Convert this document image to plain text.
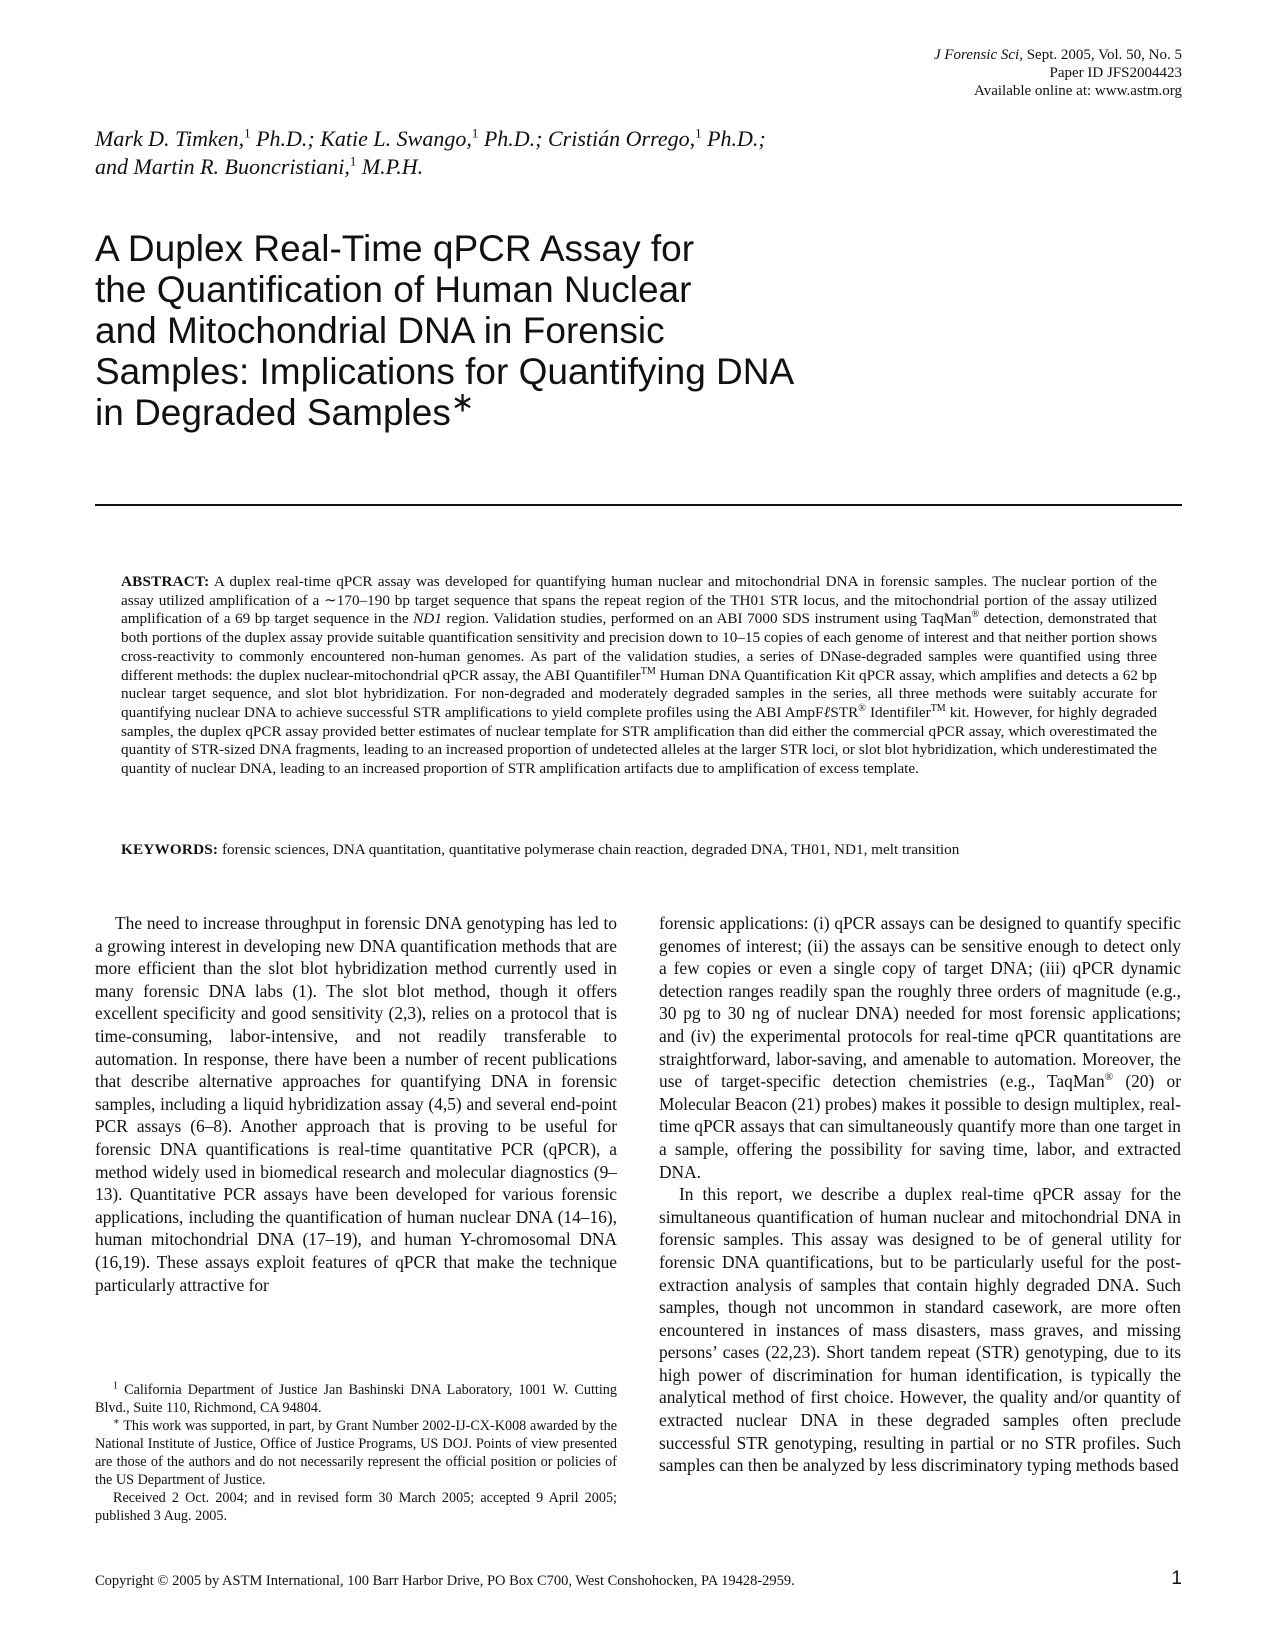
J Forensic Sci, Sept. 2005, Vol. 50, No. 5
Paper ID JFS2004423
Available online at: www.astm.org
Mark D. Timken,$^1$ Ph.D.; Katie L. Swango,$^1$ Ph.D.; Cristián Orrego,$^1$ Ph.D.;
and Martin R. Buoncristiani,$^1$ M.P.H.
A Duplex Real-Time qPCR Assay for
the Quantification of Human Nuclear
and Mitochondrial DNA in Forensic
Samples: Implications for Quantifying DNA
in Degraded Samples∗

ABSTRACT: A duplex real-time qPCR assay was developed for quantifying human nuclear and mitochondrial DNA in forensic samples. The nuclear portion of the assay utilized amplification of a ∼170–190 bp target sequence that spans the repeat region of the TH01 STR locus, and the mitochondrial portion of the assay utilized amplification of a 69 bp target sequence in the ND1 region. Validation studies, performed on an ABI 7000 SDS instrument using TaqMan® detection, demonstrated that both portions of the duplex assay provide suitable quantification sensitivity and precision down to 10–15 copies of each genome of interest and that neither portion shows cross-reactivity to commonly encountered non-human genomes. As part of the validation studies, a series of DNase-degraded samples were quantified using three different methods: the duplex nuclear-mitochondrial qPCR assay, the ABI Quantifiler™ Human DNA Quantification Kit qPCR assay, which amplifies and detects a 62 bp nuclear target sequence, and slot blot hybridization. For non-degraded and moderately degraded samples in the series, all three methods were suitably accurate for quantifying nuclear DNA to achieve successful STR amplifications to yield complete profiles using the ABI AmpFℓSTR® Identifiler™ kit. However, for highly degraded samples, the duplex qPCR assay provided better estimates of nuclear template for STR amplification than did either the commercial qPCR assay, which overestimated the quantity of STR-sized DNA fragments, leading to an increased proportion of undetected alleles at the larger STR loci, or slot blot hybridization, which underestimated the quantity of nuclear DNA, leading to an increased proportion of STR amplification artifacts due to amplification of excess template.

KEYWORDS: forensic sciences, DNA quantitation, quantitative polymerase chain reaction, degraded DNA, TH01, ND1, melt transition

The need to increase throughput in forensic DNA genotyping has led to a growing interest in developing new DNA quantification methods that are more efficient than the slot blot hybridization method currently used in many forensic DNA labs (1). The slot blot method, though it offers excellent specificity and good sensitivity (2,3), relies on a protocol that is time-consuming, labor-intensive, and not readily transferable to automation. In response, there have been a number of recent publications that describe alternative approaches for quantifying DNA in forensic samples, including a liquid hybridization assay (4,5) and several end-point PCR assays (6–8). Another approach that is proving to be useful for forensic DNA quantifications is real-time quantitative PCR (qPCR), a method widely used in biomedical research and molecular diagnostics (9–13). Quantitative PCR assays have been developed for various forensic applications, including the quantification of human nuclear DNA (14–16), human mitochondrial DNA (17–19), and human Y-chromosomal DNA (16,19). These assays exploit features of qPCR that make the technique particularly attractive for

forensic applications: (i) qPCR assays can be designed to quantify specific genomes of interest; (ii) the assays can be sensitive enough to detect only a few copies or even a single copy of target DNA; (iii) qPCR dynamic detection ranges readily span the roughly three orders of magnitude (e.g., 30 pg to 30 ng of nuclear DNA) needed for most forensic applications; and (iv) the experimental protocols for real-time qPCR quantitations are straightforward, labor-saving, and amenable to automation. Moreover, the use of target-specific detection chemistries (e.g., TaqMan® (20) or Molecular Beacon (21) probes) makes it possible to design multiplex, real-time qPCR assays that can simultaneously quantify more than one target in a sample, offering the possibility for saving time, labor, and extracted DNA.

In this report, we describe a duplex real-time qPCR assay for the simultaneous quantification of human nuclear and mitochondrial DNA in forensic samples. This assay was designed to be of general utility for forensic DNA quantifications, but to be particularly useful for the post-extraction analysis of samples that contain highly degraded DNA. Such samples, though not uncommon in standard casework, are more often encountered in instances of mass disasters, mass graves, and missing persons’ cases (22,23). Short tandem repeat (STR) genotyping, due to its high power of discrimination for human identification, is typically the analytical method of first choice. However, the quality and/or quantity of extracted nuclear DNA in these degraded samples often preclude successful STR genotyping, resulting in partial or no STR profiles. Such samples can then be analyzed by less discriminatory typing methods based

$^1$ California Department of Justice Jan Bashinski DNA Laboratory, 1001 W. Cutting Blvd., Suite 110, Richmond, CA 94804.

∗ This work was supported, in part, by Grant Number 2002-IJ-CX-K008 awarded by the National Institute of Justice, Office of Justice Programs, US DOJ. Points of view presented are those of the authors and do not necessarily represent the official position or policies of the US Department of Justice.

Received 2 Oct. 2004; and in revised form 30 March 2005; accepted 9 April 2005; published 3 Aug. 2005.

Copyright © 2005 by ASTM International, 100 Barr Harbor Drive, PO Box C700, West Conshohocken, PA 19428-2959.	1
